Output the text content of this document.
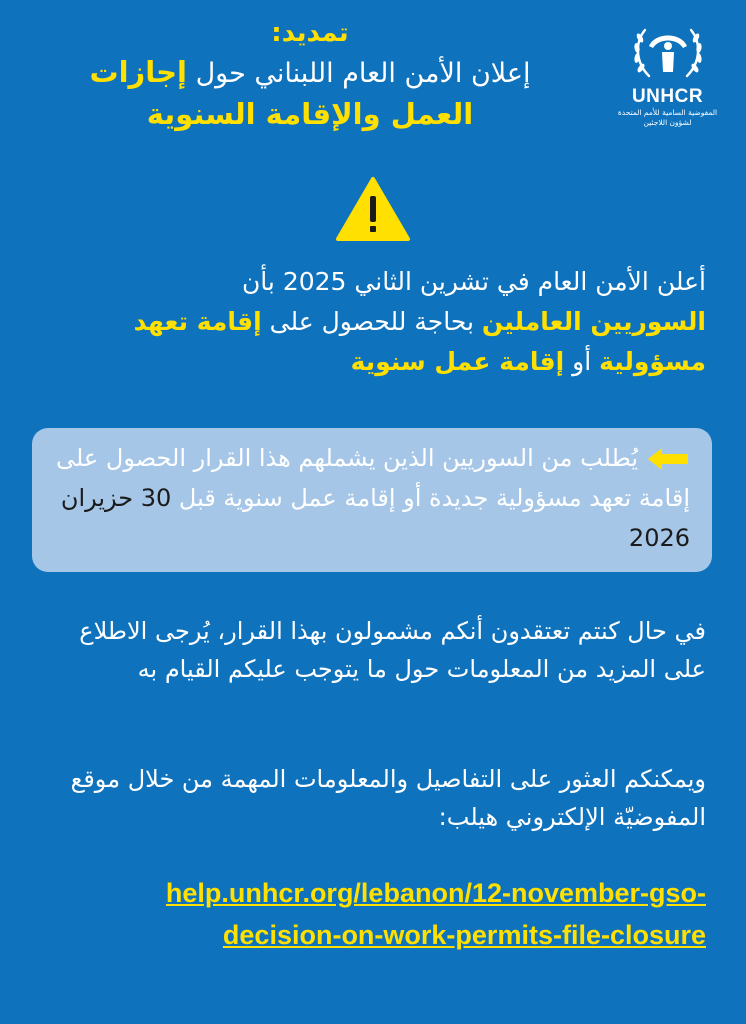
UNHCR
المفوضية السامية للأمم المتحدة
لشؤون اللاجئين
تمديد:
إعلان الأمن العام اللبناني حول إجازات
العمل والإقامة السنوية
أعلن الأمن العام في تشرين الثاني 2025 بأن
السوريين العاملين بحاجة للحصول على إقامة تعهد
مسؤولية أو إقامة عمل سنوية
يُطلب من السوريين الذين يشملهم هذا القرار الحصول على إقامة تعهد مسؤولية جديدة أو إقامة عمل سنوية قبل 30 حزيران 2026
في حال كنتم تعتقدون أنكم مشمولون بهذا القرار، يُرجى الاطلاع على المزيد من المعلومات حول ما يتوجب عليكم القيام به
ويمكنكم العثور على التفاصيل والمعلومات المهمة من خلال موقع المفوضيّة الإلكتروني هيلب:
help.unhcr.org/lebanon/12-november-gso-
decision-on-work-permits-file-closure
